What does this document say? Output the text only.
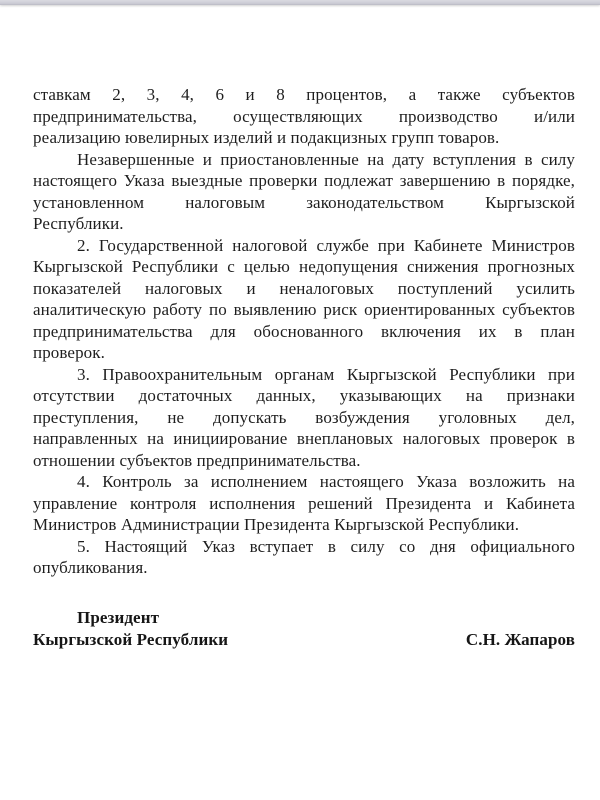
ставкам 2, 3, 4, 6 и 8 процентов, а также субъектов
предпринимательства, осуществляющих производство и/или
реализацию ювелирных изделий и подакцизных групп товаров.
Незавершенные и приостановленные на дату вступления в силу
настоящего Указа выездные проверки подлежат завершению в порядке,
установленном налоговым законодательством Кыргызской
Республики.
2. Государственной налоговой службе при Кабинете Министров
Кыргызской Республики с целью недопущения снижения прогнозных
показателей налоговых и неналоговых поступлений усилить
аналитическую работу по выявлению риск ориентированных субъектов
предпринимательства для обоснованного включения их в план
проверок.
3. Правоохранительным органам Кыргызской Республики при
отсутствии достаточных данных, указывающих на признаки
преступления, не допускать возбуждения уголовных дел,
направленных на инициирование внеплановых налоговых проверок в
отношении субъектов предпринимательства.
4. Контроль за исполнением настоящего Указа возложить на
управление контроля исполнения решений Президента и Кабинета
Министров Администрации Президента Кыргызской Республики.
5. Настоящий Указ вступает в силу со дня официального
опубликования.
Президент
Кыргызской Республики	С.Н. Жапаров
